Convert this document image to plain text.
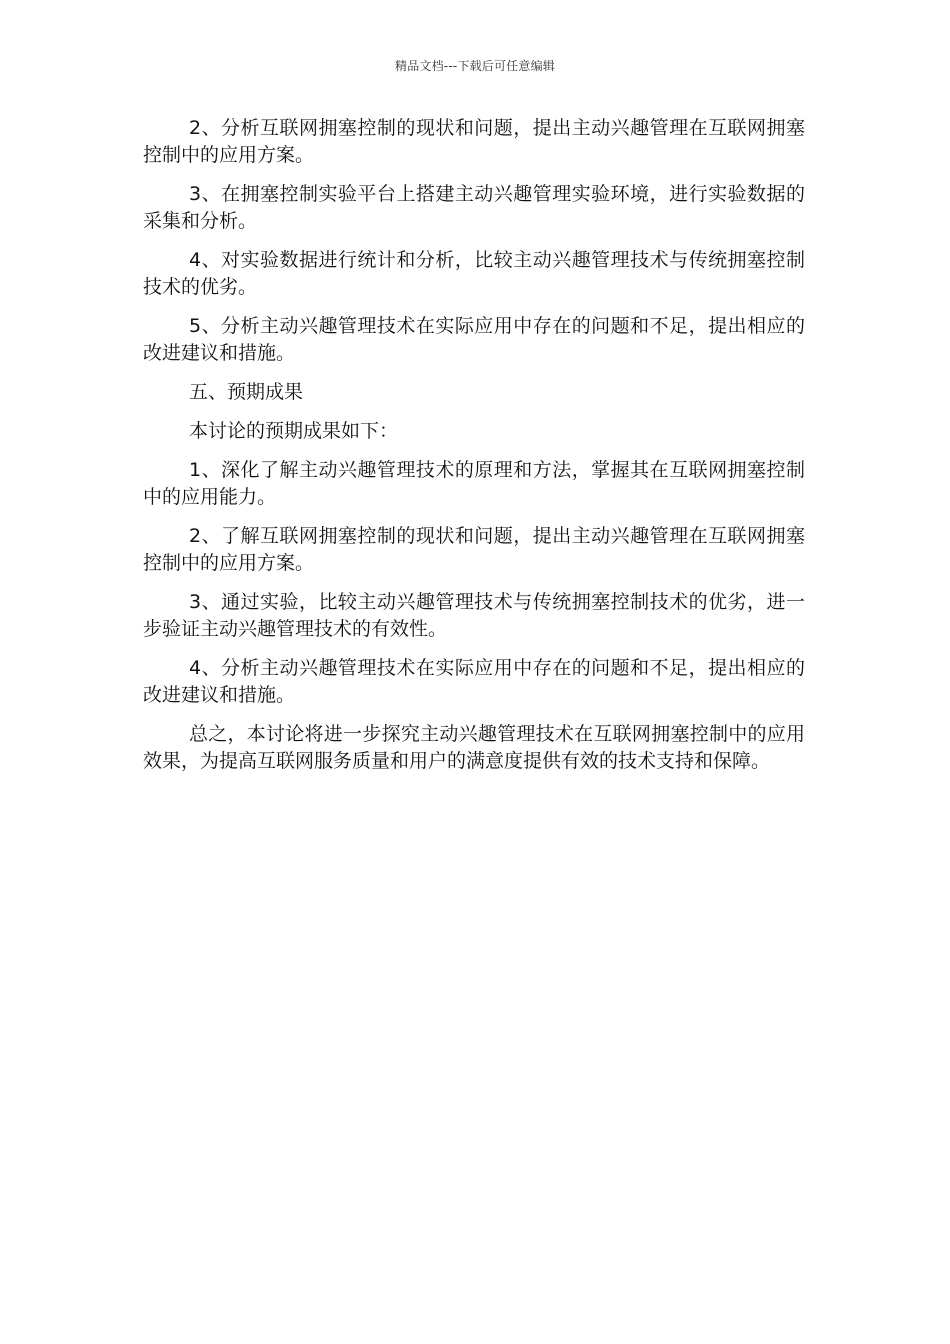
精品文档---下载后可任意编辑

2、分析互联网拥塞控制的现状和问题，提出主动兴趣管理在互联网拥塞控制中的应用方案。

3、在拥塞控制实验平台上搭建主动兴趣管理实验环境，进行实验数据的采集和分析。

4、对实验数据进行统计和分析，比较主动兴趣管理技术与传统拥塞控制技术的优劣。

5、分析主动兴趣管理技术在实际应用中存在的问题和不足，提出相应的改进建议和措施。

五、预期成果

本讨论的预期成果如下：

1、深化了解主动兴趣管理技术的原理和方法，掌握其在互联网拥塞控制中的应用能力。

2、了解互联网拥塞控制的现状和问题，提出主动兴趣管理在互联网拥塞控制中的应用方案。

3、通过实验，比较主动兴趣管理技术与传统拥塞控制技术的优劣，进一步验证主动兴趣管理技术的有效性。

4、分析主动兴趣管理技术在实际应用中存在的问题和不足，提出相应的改进建议和措施。

总之，本讨论将进一步探究主动兴趣管理技术在互联网拥塞控制中的应用效果，为提高互联网服务质量和用户的满意度提供有效的技术支持和保障。
